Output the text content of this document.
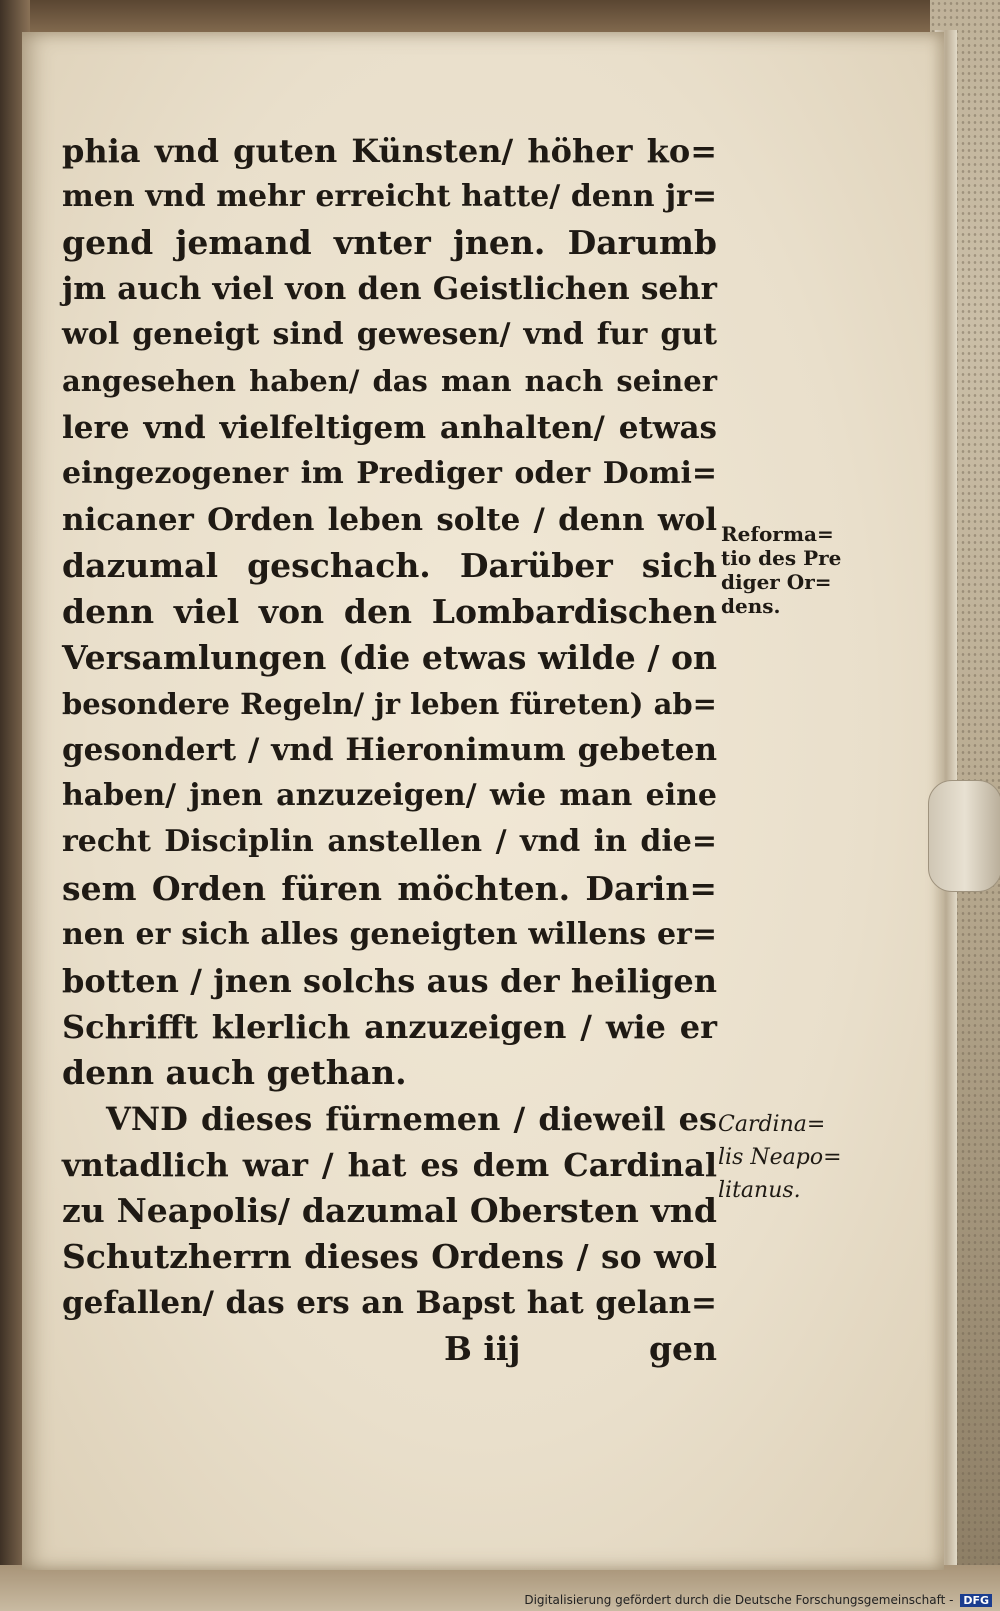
phia vnd guten Künsten/ höher ko=
men vnd mehr erreicht hatte/ denn jr=
gend jemand vnter jnen. Darumb
jm auch viel von den Geistlichen sehr
wol geneigt sind gewesen/ vnd fur gut
angesehen haben/ das man nach seiner
lere vnd vielfeltigem anhalten/ etwas
eingezogener im Prediger oder Domi=
nicaner Orden leben solte / denn wol
dazumal geschach. Darüber sich
denn viel von den Lombardischen
Versamlungen (die etwas wilde / on
besondere Regeln/ jr leben füreten) ab=
gesondert / vnd Hieronimum gebeten
haben/ jnen anzuzeigen/ wie man eine
recht Disciplin anstellen / vnd in die=
sem Orden füren möchten. Darin=
nen er sich alles geneigten willens er=
botten / jnen solchs aus der heiligen
Schrifft klerlich anzuzeigen / wie er
denn auch gethan.
VND dieses fürnemen / dieweil es
vntadlich war / hat es dem Cardinal
zu Neapolis/ dazumal Obersten vnd
Schutzherrn dieses Ordens / so wol
gefallen/ das ers an Bapst hat gelan=
B iij	gen
Reforma=
tio des Pre
diger Or=
dens.
Cardina=
lis Neapo=
litanus.
Digitalisierung gefördert durch die Deutsche Forschungsgemeinschaft - DFG
